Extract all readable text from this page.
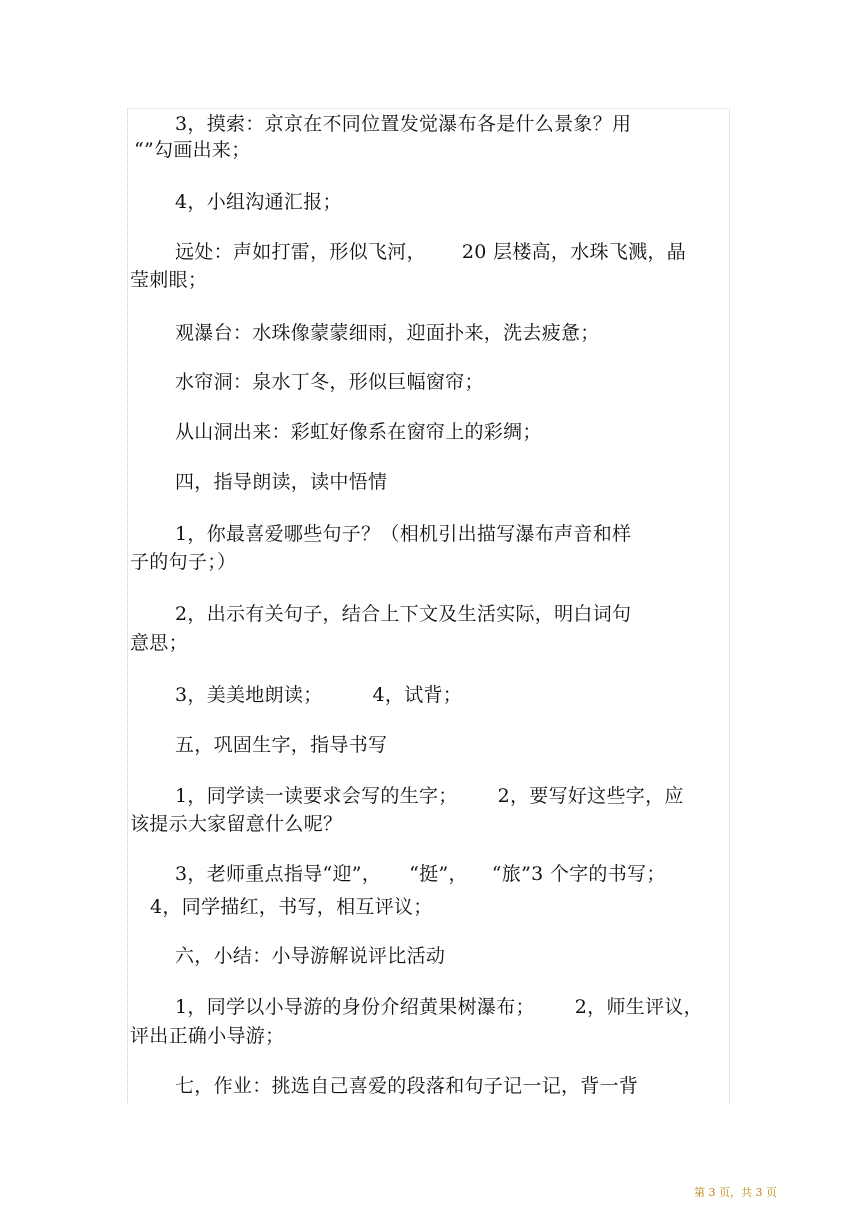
3，摸索：京京在不同位置发觉瀑布各是什么景象？用
“”勾画出来；
4，小组沟通汇报；
远处：声如打雷，形似飞河， 20 层楼高，水珠飞溅，晶
莹刺眼；
观瀑台：水珠像蒙蒙细雨，迎面扑来，洗去疲惫；
水帘洞：泉水丁冬，形似巨幅窗帘；
从山洞出来：彩虹好像系在窗帘上的彩绸；
四，指导朗读，读中悟情
1，你最喜爱哪些句子？（相机引出描写瀑布声音和样
子的句子；）
2，出示有关句子，结合上下文及生活实际，明白词句
意思；
3，美美地朗读；	4，试背；
五，巩固生字，指导书写
1，同学读一读要求会写的生字； 2，要写好这些字，应
该提示大家留意什么呢？
3，老师重点指导“迎”， “挺”， “旅”3 个字的书写；
4，同学描红，书写，相互评议；
六，小结：小导游解说评比活动
1，同学以小导游的身份介绍黄果树瀑布； 2，师生评议，
评出正确小导游；
七，作业：挑选自己喜爱的段落和句子记一记，背一背
第 3 页，共 3 页
